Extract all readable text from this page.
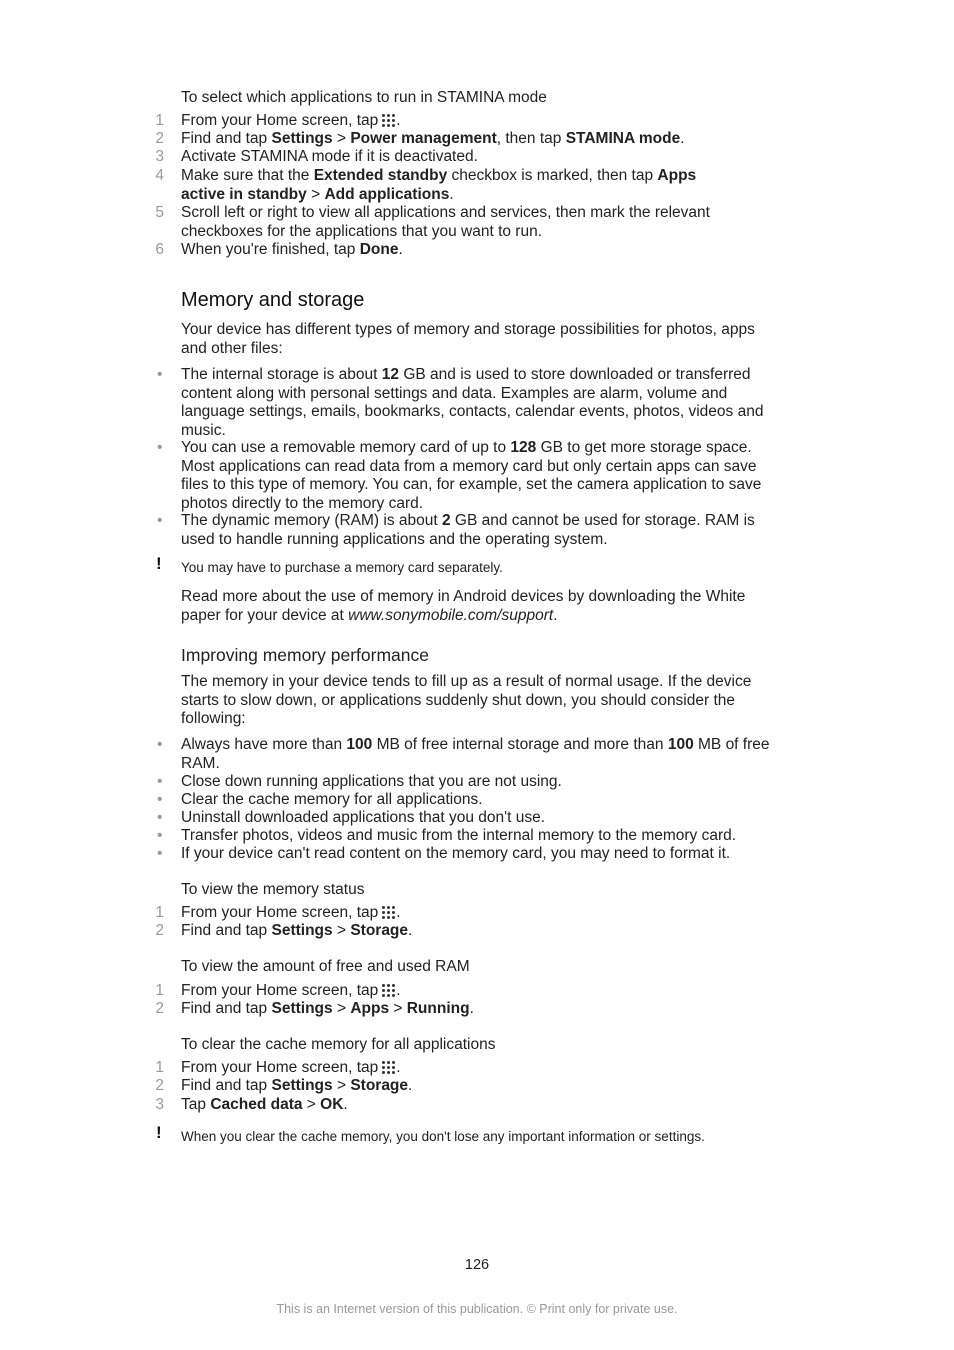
To select which applications to run in STAMINA mode
1 From your Home screen, tap .
2 Find and tap Settings > Power management, then tap STAMINA mode.
3 Activate STAMINA mode if it is deactivated.
4 Make sure that the Extended standby checkbox is marked, then tap Apps
active in standby > Add applications.
5 Scroll left or right to view all applications and services, then mark the relevant
checkboxes for the applications that you want to run.
6 When you're finished, tap Done.
Memory and storage
Your device has different types of memory and storage possibilities for photos, apps
and other files:
• The internal storage is about 12 GB and is used to store downloaded or transferred
content along with personal settings and data. Examples are alarm, volume and
language settings, emails, bookmarks, contacts, calendar events, photos, videos and
music.
• You can use a removable memory card of up to 128 GB to get more storage space.
Most applications can read data from a memory card but only certain apps can save
files to this type of memory. You can, for example, set the camera application to save
photos directly to the memory card.
• The dynamic memory (RAM) is about 2 GB and cannot be used for storage. RAM is
used to handle running applications and the operating system.
! You may have to purchase a memory card separately.
Read more about the use of memory in Android devices by downloading the White
paper for your device at www.sonymobile.com/support.
Improving memory performance
The memory in your device tends to fill up as a result of normal usage. If the device
starts to slow down, or applications suddenly shut down, you should consider the
following:
• Always have more than 100 MB of free internal storage and more than 100 MB of free
RAM.
• Close down running applications that you are not using.
• Clear the cache memory for all applications.
• Uninstall downloaded applications that you don't use.
• Transfer photos, videos and music from the internal memory to the memory card.
• If your device can't read content on the memory card, you may need to format it.
To view the memory status
1 From your Home screen, tap .
2 Find and tap Settings > Storage.
To view the amount of free and used RAM
1 From your Home screen, tap .
2 Find and tap Settings > Apps > Running.
To clear the cache memory for all applications
1 From your Home screen, tap .
2 Find and tap Settings > Storage.
3 Tap Cached data > OK.
! When you clear the cache memory, you don't lose any important information or settings.
126
This is an Internet version of this publication. © Print only for private use.
